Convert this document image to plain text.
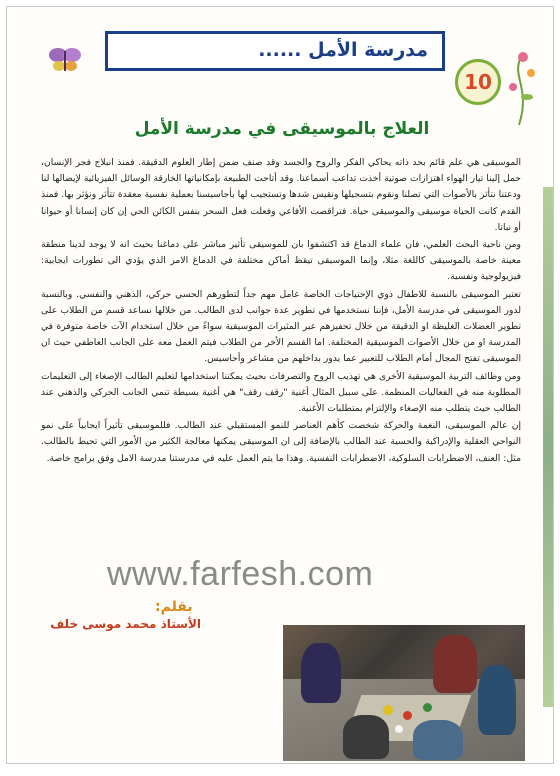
مدرسة الأمل ......
10
العلاج بالموسيقى في مدرسة الأمل

الموسيقى هي علم قائم بحد ذاته يحاكي الفكر والروح والجسد وقد صنف ضمن إطار العلوم الدقيقة. فمنذ انبلاج فجر الإنسان، حمل إلينا تيار الهواء اهتزازات صوتية أخذت تداعب أسماعنا. وقد أتاحت الطبيعة بإمكانياتها الخارقة الوسائل الفيزيائية لإيصالها لنا ودعتنا نتأثر بالأصوات التي تصلنا ونقوم بتسجيلها ونقيس شدها وتستجيب لها بأحاسيسنا بعملية نفسية معقدة تتأثر ونؤثر بها. فمنذ القدم كانت الحياة موسيقى والموسيقى حياة. فتراقصت الأفاعي وفعلت فعل السحر بنفس الكائن الحي إن كان إنسانا أو حيوانا أو نباتا.

ومن ناحية البحث العلمي، فان علماء الدماغ قد اكتشفوا بان للموسيقى تأثير مباشر على دماغنا بحيث انه لا يوجد لدينا منطقة معينة خاصة بالموسيقى كاللغة مثلا، وإنما الموسيقى تيقظ أماكن مختلفة في الدماغ الامر الذي يؤدي الى تطورات ايجابية: فيزيولوجية ونفسية.

تعتبر الموسيقى بالنسبة للاطفال ذوي الإحتياجات الخاصة عامل مهم جداً لتطورهم الحسي حركي، الذهني والنفسي. وبالنسبة لدور الموسيقى في مدرسة الأمل، فإننا نستخدمها في تطوير عدة جوانب لدى الطالب. من خلالها نساعد قسم من الطلاب على تطوير العضلات الغليظة او الدقيقة من خلال تحفيزهم عبر المثيرات الموسيقية سواءً من خلال استخدام الآت خاصة متوفرة في المدرسة او من خلال الأصوات الموسيقية المختلفة. اما القسم الأخر من الطلاب فيتم العمل معه على الجانب العاطفي حيث ان الموسيقى تفتح المجال أمام الطلاب للتعبير عما يدور بداخلهم من مشاعر وأحاسيس.

ومن وظائف التربية الموسيقية الأخرى هي تهذيب الروح والتصرفات بحيث يمكننا استخدامها لتعليم الطالب الإصغاء إلى التعليمات المطلوبة منه في الفعاليات المنظمة. على سبيل المثال أغنية "رقف رقف" هي أغنية بسيطة تنمي الجانب الحركي والذهني عند الطالب حيث يتطلب منه الإصغاء والإلتزام بمتطلبات الأغنية.

إن عالم الموسيقى، النغمة والحركة شخصت كأهم العناصر للنمو المستقبلي عند الطالب. فللموسيقى تأثيراً ايجابياً على نمو النواحي العقلية والإدراكية والحسية عند الطالب بالإضافة إلى ان الموسيقى يمكنها معالجة الكثير من الأمور التي تحيط بالطالب. مثل: العنف، الاضطرابات السلوكية، الاضطرابات النفسية. وهذا ما يتم العمل عليه في مدرستنا مدرسة الامل وفق برامج خاصة.

www.farfesh.com
بقلم:
الأستاذ محمد موسى خلف
